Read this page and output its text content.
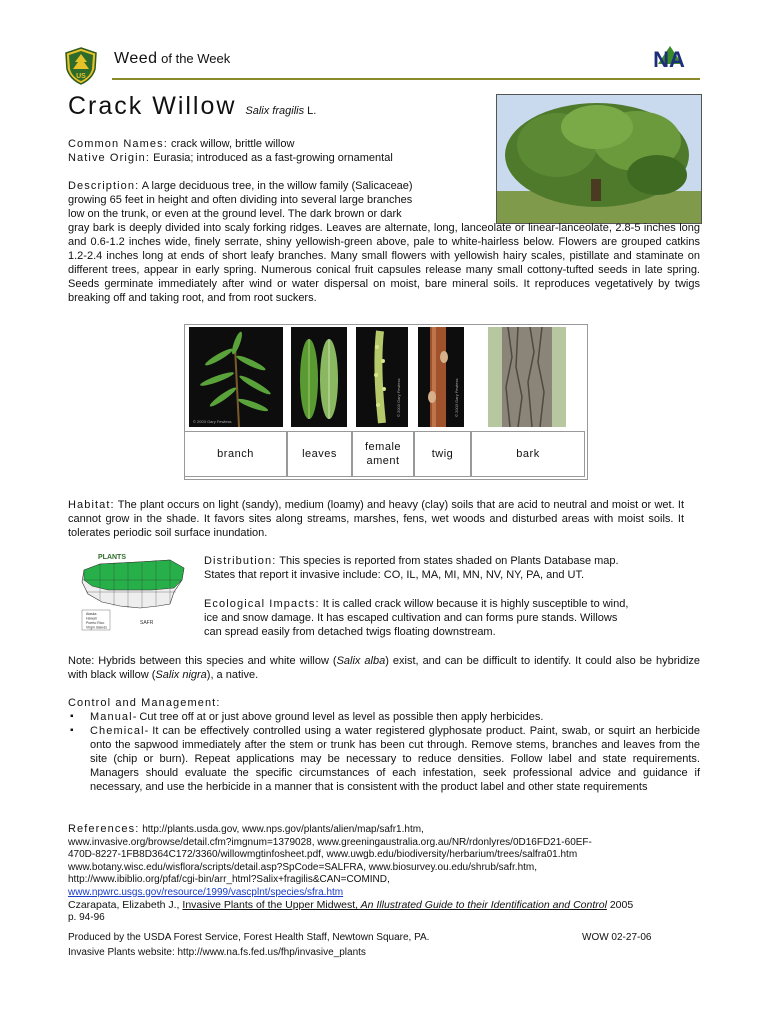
US
Weed of the Week	NA
Crack Willow Salix fragilis L.
Common Names: crack willow, brittle willow
Native Origin: Eurasia; introduced as a fast-growing ornamental
Description: A large deciduous tree, in the willow family (Salicaceae)
growing 65 feet in height and often dividing into several large branches
low on the trunk, or even at the ground level. The dark brown or dark
gray bark is deeply divided into scaly forking ridges. Leaves are alternate, long, lanceolate or linear-lanceolate, 2.8-5 inches long and 0.6-1.2 inches wide, finely serrate, shiny yellowish-green above, pale to white-hairless below. Flowers are grouped catkins 1.2-2.4 inches long at ends of short leafy branches. Many small flowers with yellowish hairy scales, pistillate and staminate on different trees, appear in early spring. Numerous conical fruit capsules release many small cottony-tufted seeds in late spring. Seeds germinate immediately after wind or water dispersal on moist, bare mineral soils. It reproduces vegetatively by twigs breaking off and taking root, and from root suckers.
© 2003 Gary Fewless
© 2003 Gary Fewless	© 2003 Gary Fewless
branch	leaves
female ament
twig	bark
Habitat: The plant occurs on light (sandy), medium (loamy) and heavy (clay) soils that are acid to neutral and moist or wet. It cannot grow in the shade. It favors sites along streams, marshes, fens, wet woods and disturbed areas with moist soils. It tolerates periodic soil surface inundation.
PLANTS
Alaska
Hawaii
Puerto Rico
Virgin Islands
SAFR
Distribution: This species is reported from states shaded on Plants Database map.
States that report it invasive include: CO, IL, MA, MI, MN, NV, NY, PA, and UT.
Ecological Impacts: It is called crack willow because it is highly susceptible to wind,
ice and snow damage. It has escaped cultivation and can forms pure stands. Willows
can spread easily from detached twigs floating downstream.
Note: Hybrids between this species and white willow (Salix alba) exist, and can be difficult to identify. It could also be hybridize with black willow (Salix nigra), a native.
Control and Management:
▪ Manual- Cut tree off at or just above ground level as level as possible then apply herbicides.
▪ Chemical- It can be effectively controlled using a water registered glyphosate product. Paint, swab, or squirt an herbicide onto the sapwood immediately after the stem or trunk has been cut through. Remove stems, branches and leaves from the site (chip or burn). Repeat applications may be necessary to reduce densities. Follow label and state requirements. Managers should evaluate the specific circumstances of each infestation, seek professional advice and guidance if necessary, and use the herbicide in a manner that is consistent with the product label and other state requirements
References: http://plants.usda.gov, www.nps.gov/plants/alien/map/safr1.htm,
www.invasive.org/browse/detail.cfm?imgnum=1379028, www.greeningaustralia.org.au/NR/rdonlyres/0D16FD21-60EF-
470D-8227-1FB8D364C172/3360/willowmgtinfosheet.pdf, www.uwgb.edu/biodiversity/herbarium/trees/salfra01.htm
www.botany.wisc.edu/wisflora/scripts/detail.asp?SpCode=SALFRA, www.biosurvey.ou.edu/shrub/safr.htm,
http://www.ibiblio.org/pfaf/cgi-bin/arr_html?Salix+fragilis&CAN=COMIND,
www.npwrc.usgs.gov/resource/1999/vascplnt/species/sfra.htm
Czarapata, Elizabeth J., Invasive Plants of the Upper Midwest, An Illustrated Guide to their Identification and Control 2005
p. 94-96
Produced by the USDA Forest Service, Forest Health Staff, Newtown Square, PA.	WOW 02-27-06
Invasive Plants website: http://www.na.fs.fed.us/fhp/invasive_plants
